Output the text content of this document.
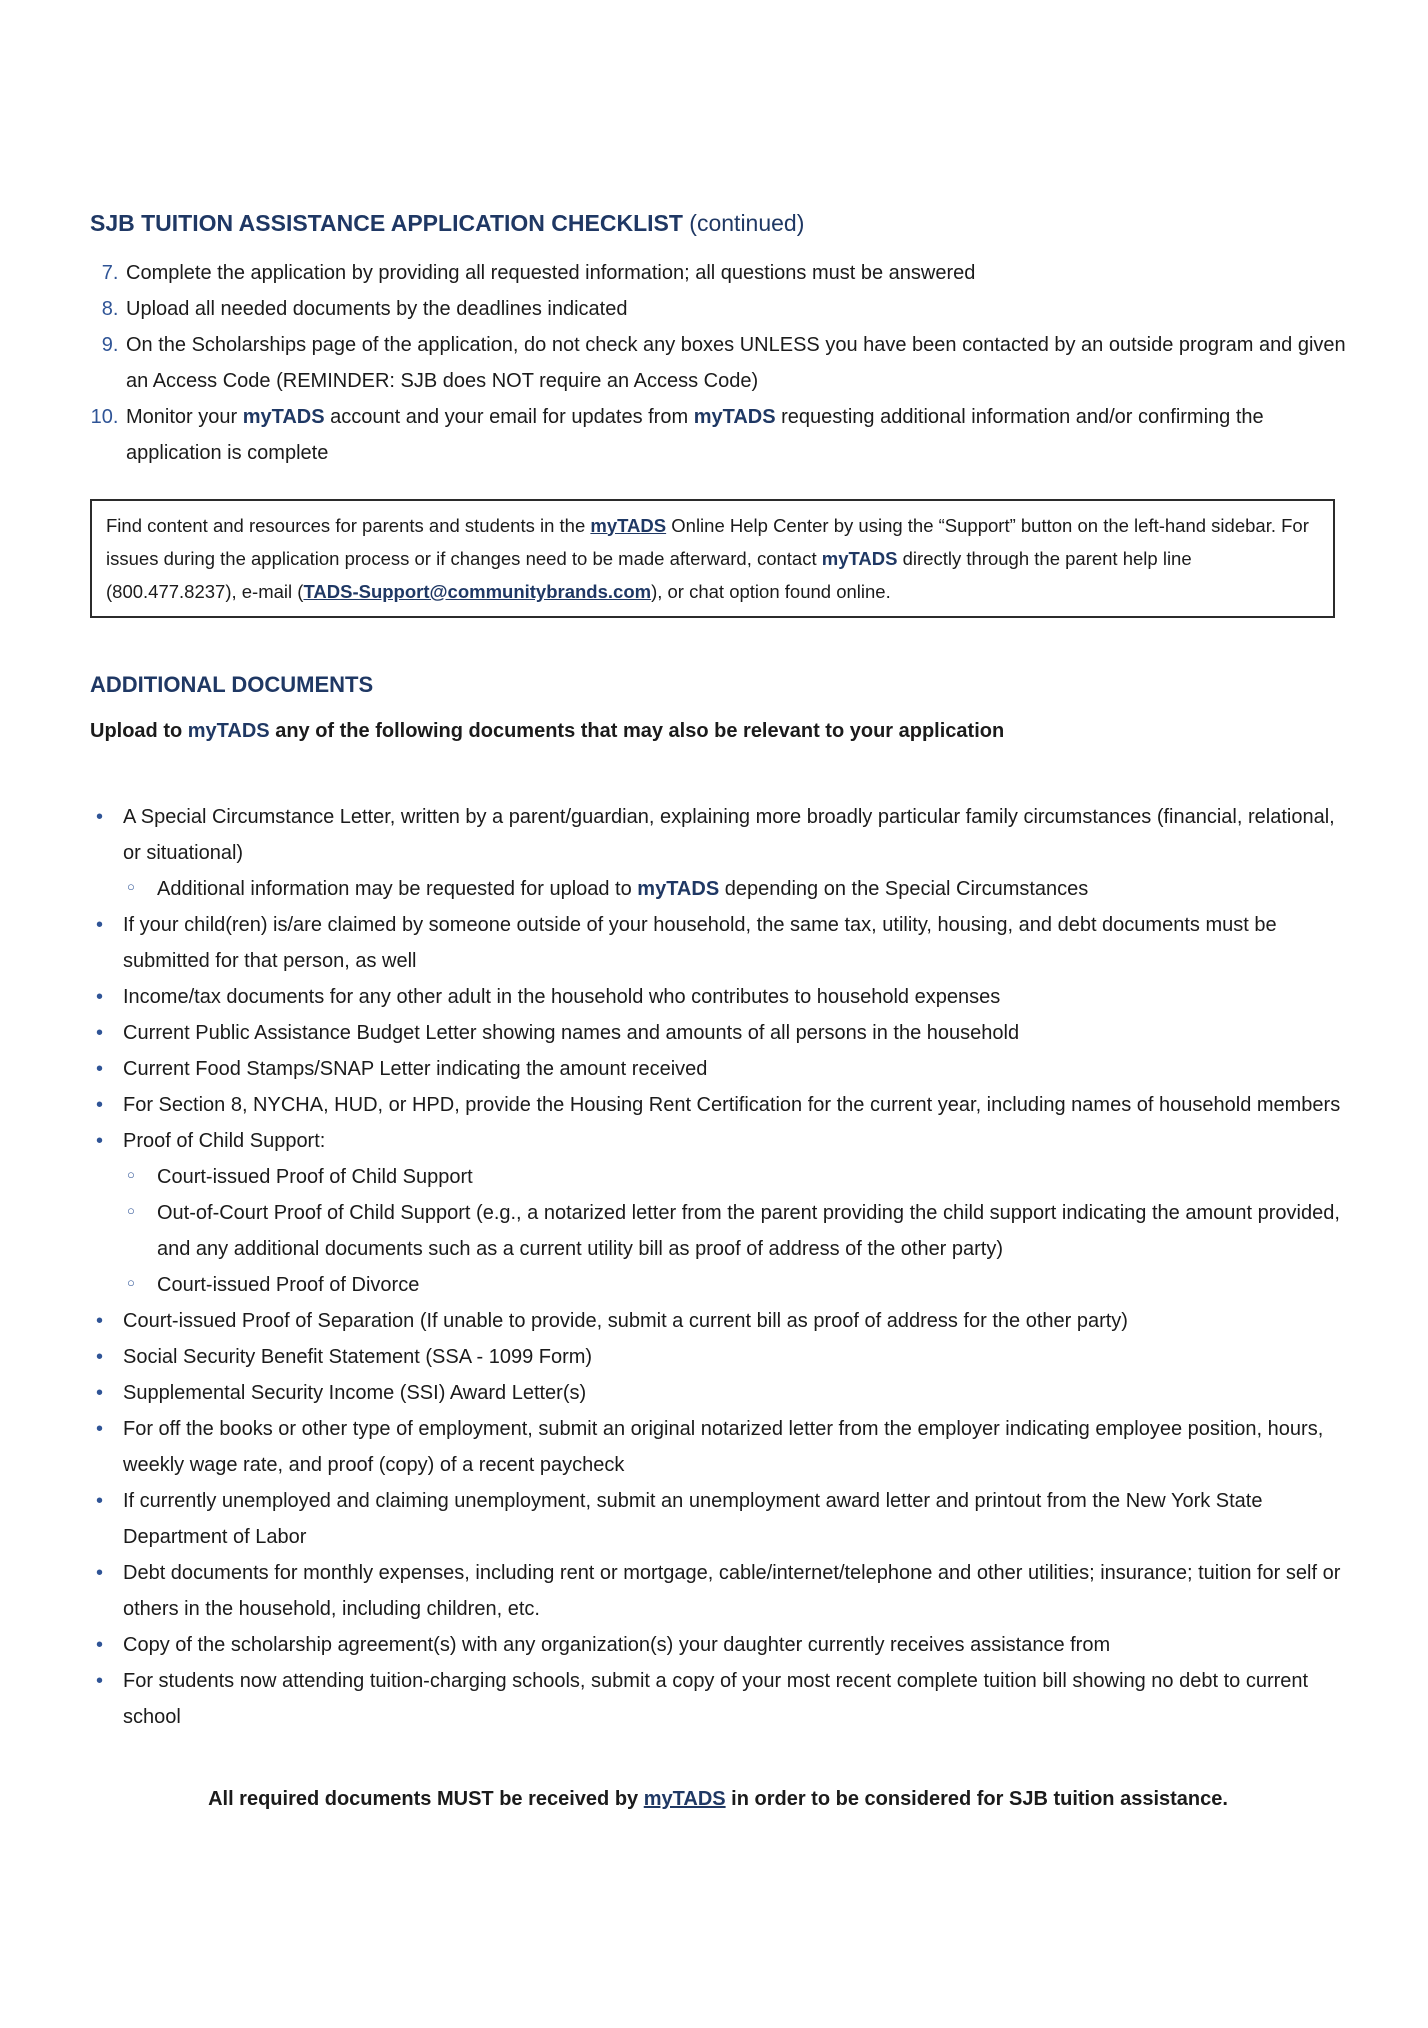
SJB TUITION ASSISTANCE APPLICATION CHECKLIST (continued)
7. Complete the application by providing all requested information; all questions must be answered
8. Upload all needed documents by the deadlines indicated
9. On the Scholarships page of the application, do not check any boxes UNLESS you have been contacted by an outside program and given an Access Code (REMINDER: SJB does NOT require an Access Code)
10. Monitor your myTADS account and your email for updates from myTADS requesting additional information and/or confirming the application is complete
Find content and resources for parents and students in the myTADS Online Help Center by using the “Support” button on the left-hand sidebar. For issues during the application process or if changes need to be made afterward, contact myTADS directly through the parent help line (800.477.8237), e-mail (TADS-Support@communitybrands.com), or chat option found online.
ADDITIONAL DOCUMENTS

Upload to myTADS any of the following documents that may also be relevant to your application

• A Special Circumstance Letter, written by a parent/guardian, explaining more broadly particular family circumstances (financial, relational, or situational)
○ Additional information may be requested for upload to myTADS depending on the Special Circumstances
• If your child(ren) is/are claimed by someone outside of your household, the same tax, utility, housing, and debt documents must be submitted for that person, as well
• Income/tax documents for any other adult in the household who contributes to household expenses
• Current Public Assistance Budget Letter showing names and amounts of all persons in the household
• Current Food Stamps/SNAP Letter indicating the amount received
• For Section 8, NYCHA, HUD, or HPD, provide the Housing Rent Certification for the current year, including names of household members
• Proof of Child Support:
○ Court-issued Proof of Child Support
○ Out-of-Court Proof of Child Support (e.g., a notarized letter from the parent providing the child support indicating the amount provided, and any additional documents such as a current utility bill as proof of address of the other party)
○ Court-issued Proof of Divorce
• Court-issued Proof of Separation (If unable to provide, submit a current bill as proof of address for the other party)
• Social Security Benefit Statement (SSA - 1099 Form)
• Supplemental Security Income (SSI) Award Letter(s)
• For off the books or other type of employment, submit an original notarized letter from the employer indicating employee position, hours, weekly wage rate, and proof (copy) of a recent paycheck
• If currently unemployed and claiming unemployment, submit an unemployment award letter and printout from the New York State Department of Labor
• Debt documents for monthly expenses, including rent or mortgage, cable/internet/telephone and other utilities; insurance; tuition for self or others in the household, including children, etc.
• Copy of the scholarship agreement(s) with any organization(s) your daughter currently receives assistance from
• For students now attending tuition-charging schools, submit a copy of your most recent complete tuition bill showing no debt to current school

All required documents MUST be received by myTADS in order to be considered for SJB tuition assistance.
